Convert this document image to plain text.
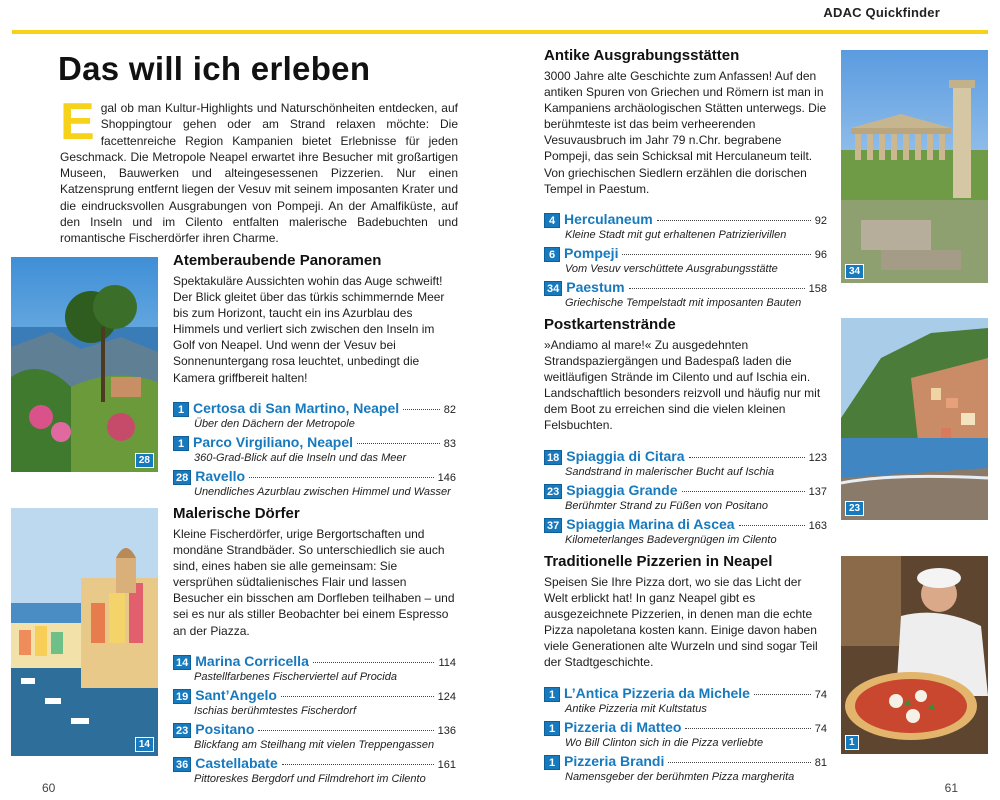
ADAC Quickfinder
Das will ich erleben
Egal ob man Kultur-Highlights und Naturschönheiten entdecken, auf Shoppingtour gehen oder am Strand relaxen möchte: Die facettenreiche Region Kampanien bietet Erlebnisse für jeden Geschmack. Die Metropole Neapel erwartet ihre Besucher mit großartigen Museen, Bauwerken und alteingesessenen Pizzerien. Nur einen Katzensprung entfernt liegen der Vesuv mit seinem imposanten Krater und die eindrucksvollen Ausgrabungen von Pompeji. An der Amalfiküste, auf den Inseln und im Cilento entfalten malerische Badebuchten und romantische Fischerdörfer ihren Charme.
28
14
Atemberaubende Panoramen

Spektakuläre Aussichten wohin das Auge schweift! Der Blick gleitet über das türkis schimmernde Meer bis zum Horizont, taucht ein ins Azurblau des Himmels und verliert sich zwischen den Inseln im Golf von Neapel. Und wenn der Vesuv bei Sonnenuntergang rosa leuchtet, unbedingt die Kamera griffbereit halten!

1 Certosa di San Martino, Neapel	82
Über den Dächern der Metropole
1 Parco Virgiliano, Neapel	83
360-Grad-Blick auf die Inseln und das Meer
28 Ravello	146
Unendliches Azurblau zwischen Himmel und Wasser
Malerische Dörfer

Kleine Fischerdörfer, urige Bergortschaften und mondäne Strandbäder. So unterschiedlich sie auch sind, eines haben sie alle gemeinsam: Sie versprühen südtalienisches Flair und lassen Besucher ein bisschen am Dorfleben teilhaben – und sei es nur als stiller Beobachter bei einem Espresso an der Piazza.

14 Marina Corricella	114
Pastellfarbenes Fischerviertel auf Procida
19 Sant’Angelo	124
Ischias berühmtestes Fischerdorf
23 Positano	136
Blickfang am Steilhang mit vielen Treppengassen
36 Castellabate	161
Pittoreskes Bergdorf und Filmdrehort im Cilento
Antike Ausgrabungsstätten

3000 Jahre alte Geschichte zum Anfassen! Auf den antiken Spuren von Griechen und Römern ist man in Kampaniens archäologischen Stätten unterwegs. Die berühmteste ist das beim verheerenden Vesuvausbruch im Jahr 79 n.Chr. begrabene Pompeji, das sein Schicksal mit Herculaneum teilt. Von griechischen Siedlern erzählen die dorischen Tempel in Paestum.

4 Herculaneum	92
Kleine Stadt mit gut erhaltenen Patrizierivillen
6 Pompeji	96
Vom Vesuv verschüttete Ausgrabungsstätte
34 Paestum	158
Griechische Tempelstadt mit imposanten Bauten
Postkartenstrände

»Andiamo al mare!« Zu ausgedehnten Strandspaziergängen und Badespaß laden die weitläufigen Strände im Cilento und auf Ischia ein. Landschaftlich besonders reizvoll und häufig nur mit dem Boot zu erreichen sind die vielen kleinen Felsbuchten.

18 Spiaggia di Citara	123
Sandstrand in malerischer Bucht auf Ischia
23 Spiaggia Grande	137
Berühmter Strand zu Füßen von Positano
37 Spiaggia Marina di Ascea	163
Kilometerlanges Badevergnügen im Cilento
Traditionelle Pizzerien in Neapel

Speisen Sie Ihre Pizza dort, wo sie das Licht der Welt erblickt hat! In ganz Neapel gibt es ausgezeichnete Pizzerien, in denen man die echte Pizza napoletana kosten kann. Einige davon haben viele Generationen alte Wurzeln und sind sogar Teil der Stadtgeschichte.

1 L’Antica Pizzeria da Michele	74
Antike Pizzeria mit Kultstatus
1 Pizzeria di Matteo	74
Wo Bill Clinton sich in die Pizza verliebte
1 Pizzeria Brandi	81
Namensgeber der berühmten Pizza margherita
34
23
1
60	61
